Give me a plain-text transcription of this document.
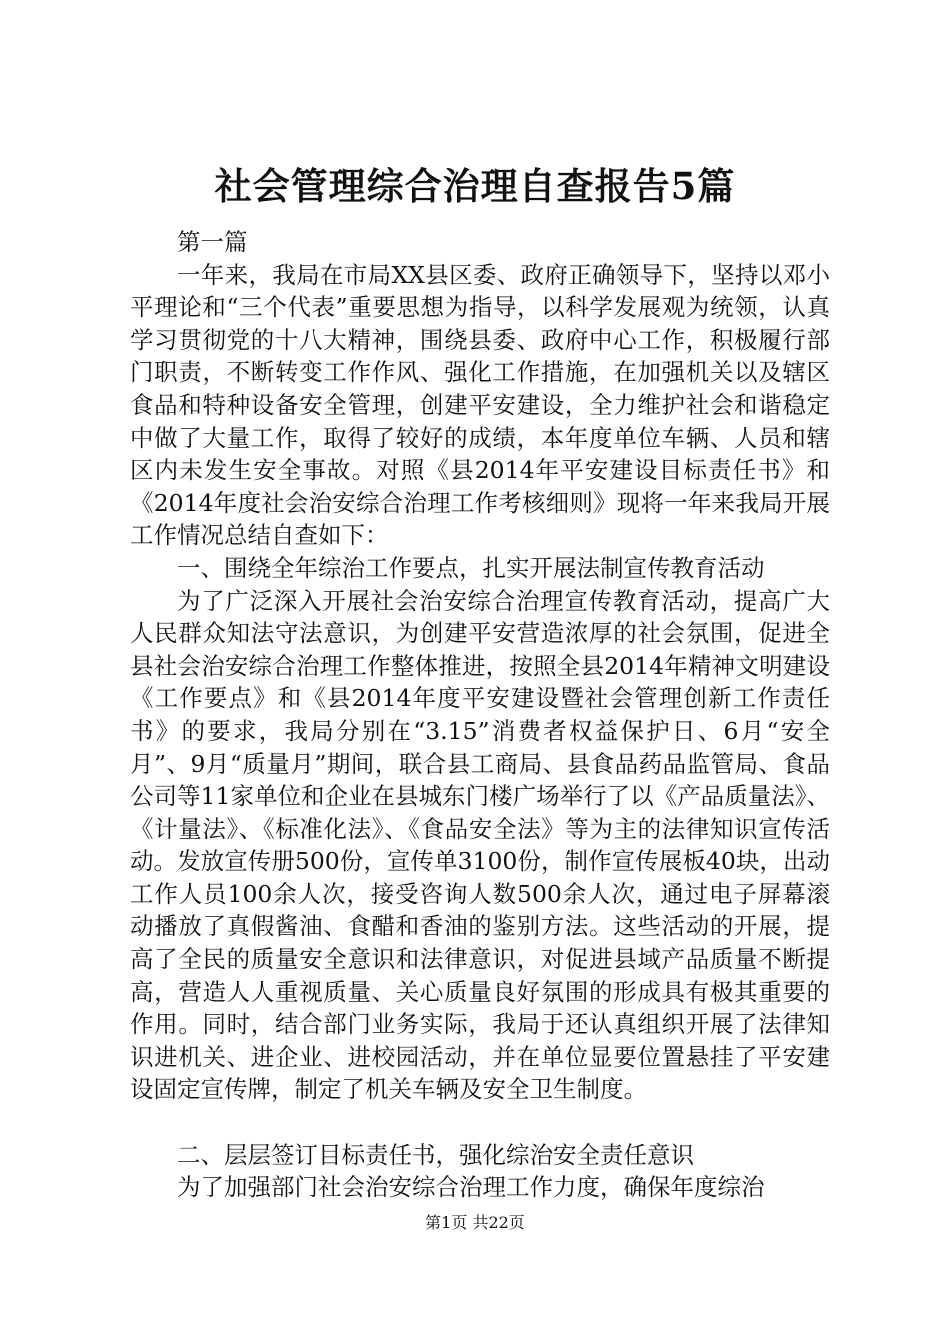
社会管理综合治理自查报告5篇

第一篇

一年来，我局在市局XX县区委、政府正确领导下，坚持以邓小平理论和“三个代表”重要思想为指导，以科学发展观为统领，认真学习贯彻党的十八大精神，围绕县委、政府中心工作，积极履行部门职责，不断转变工作作风、强化工作措施，在加强机关以及辖区食品和特种设备安全管理，创建平安建设，全力维护社会和谐稳定中做了大量工作，取得了较好的成绩，本年度单位车辆、人员和辖区内未发生安全事故。对照《县2014年平安建设目标责任书》和《2014年度社会治安综合治理工作考核细则》现将一年来我局开展工作情况总结自查如下：

一、围绕全年综治工作要点，扎实开展法制宣传教育活动

为了广泛深入开展社会治安综合治理宣传教育活动，提高广大人民群众知法守法意识，为创建平安营造浓厚的社会氛围，促进全县社会治安综合治理工作整体推进，按照全县2014年精神文明建设《工作要点》和《县2014年度平安建设暨社会管理创新工作责任书》的要求，我局分别在“3.15”消费者权益保护日、6月“安全月”、9月“质量月”期间，联合县工商局、县食品药品监管局、食品公司等11家单位和企业在县城东门楼广场举行了以《产品质量法》、《计量法》、《标准化法》、《食品安全法》等为主的法律知识宣传活动。发放宣传册500份，宣传单3100份，制作宣传展板40块，出动工作人员100余人次，接受咨询人数500余人次，通过电子屏幕滚动播放了真假酱油、食醋和香油的鉴别方法。这些活动的开展，提高了全民的质量安全意识和法律意识，对促进县域产品质量不断提高，营造人人重视质量、关心质量良好氛围的形成具有极其重要的作用。同时，结合部门业务实际，我局于还认真组织开展了法律知识进机关、进企业、进校园活动，并在单位显要位置悬挂了平安建设固定宣传牌，制定了机关车辆及安全卫生制度。

二、层层签订目标责任书，强化综治安全责任意识

为了加强部门社会治安综合治理工作力度，确保年度综治

第1页 共22页
